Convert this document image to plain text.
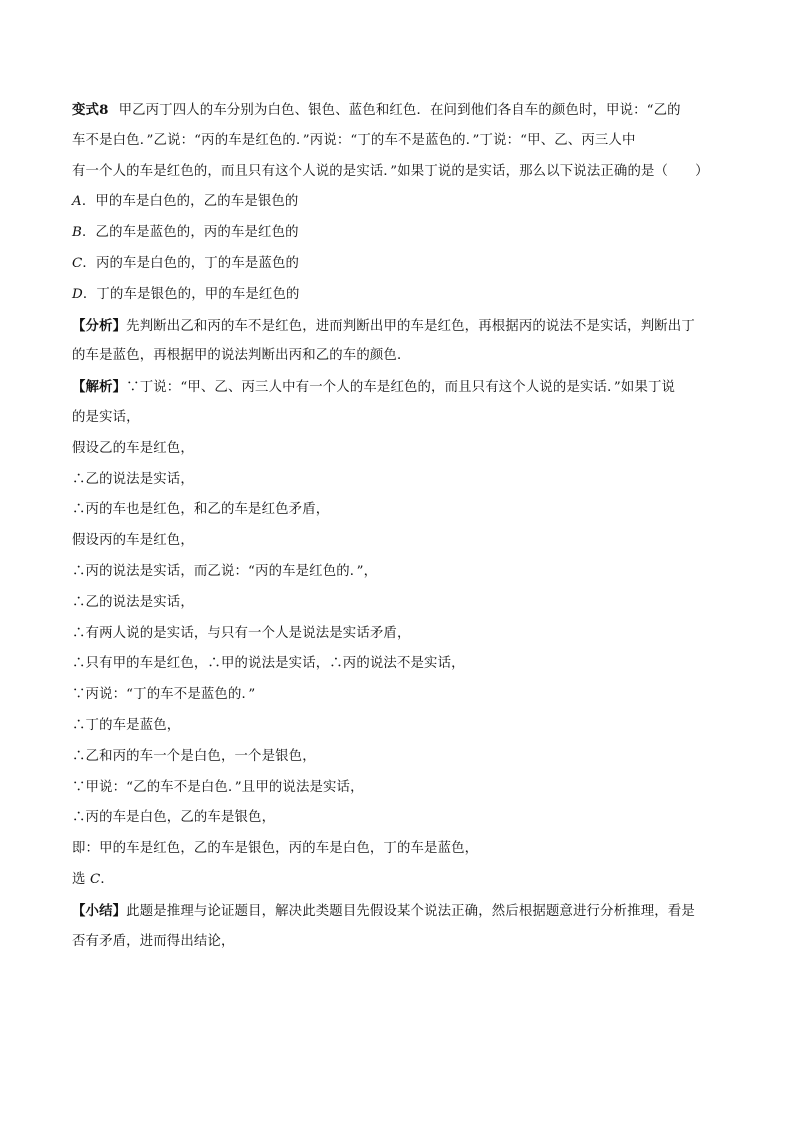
变式8 甲乙丙丁四人的车分别为白色、银色、蓝色和红色．在问到他们各自车的颜色时，甲说：“乙的
车不是白色．”乙说：“丙的车是红色的．”丙说：“丁的车不是蓝色的．”丁说：“甲、乙、丙三人中
有一个人的车是红色的，而且只有这个人说的是实话．”如果丁说的是实话，那么以下说法正确的是（　　）
A．甲的车是白色的，乙的车是银色的
B．乙的车是蓝色的，丙的车是红色的
C．丙的车是白色的，丁的车是蓝色的
D．丁的车是银色的，甲的车是红色的
【分析】先判断出乙和丙的车不是红色，进而判断出甲的车是红色，再根据丙的说法不是实话，判断出丁
的车是蓝色，再根据甲的说法判断出丙和乙的车的颜色．
【解析】∵丁说：“甲、乙、丙三人中有一个人的车是红色的，而且只有这个人说的是实话．”如果丁说
的是实话，
假设乙的车是红色，
∴乙的说法是实话，
∴丙的车也是红色，和乙的车是红色矛盾，
假设丙的车是红色，
∴丙的说法是实话，而乙说：“丙的车是红色的．”，
∴乙的说法是实话，
∴有两人说的是实话，与只有一个人是说法是实话矛盾，
∴只有甲的车是红色，∴甲的说法是实话，∴丙的说法不是实话，
∵丙说：“丁的车不是蓝色的．”
∴丁的车是蓝色，
∴乙和丙的车一个是白色，一个是银色，
∵甲说：“乙的车不是白色．”且甲的说法是实话，
∴丙的车是白色，乙的车是银色，
即：甲的车是红色，乙的车是银色，丙的车是白色，丁的车是蓝色，
选 C．
【小结】此题是推理与论证题目，解决此类题目先假设某个说法正确，然后根据题意进行分析推理，看是
否有矛盾，进而得出结论，
